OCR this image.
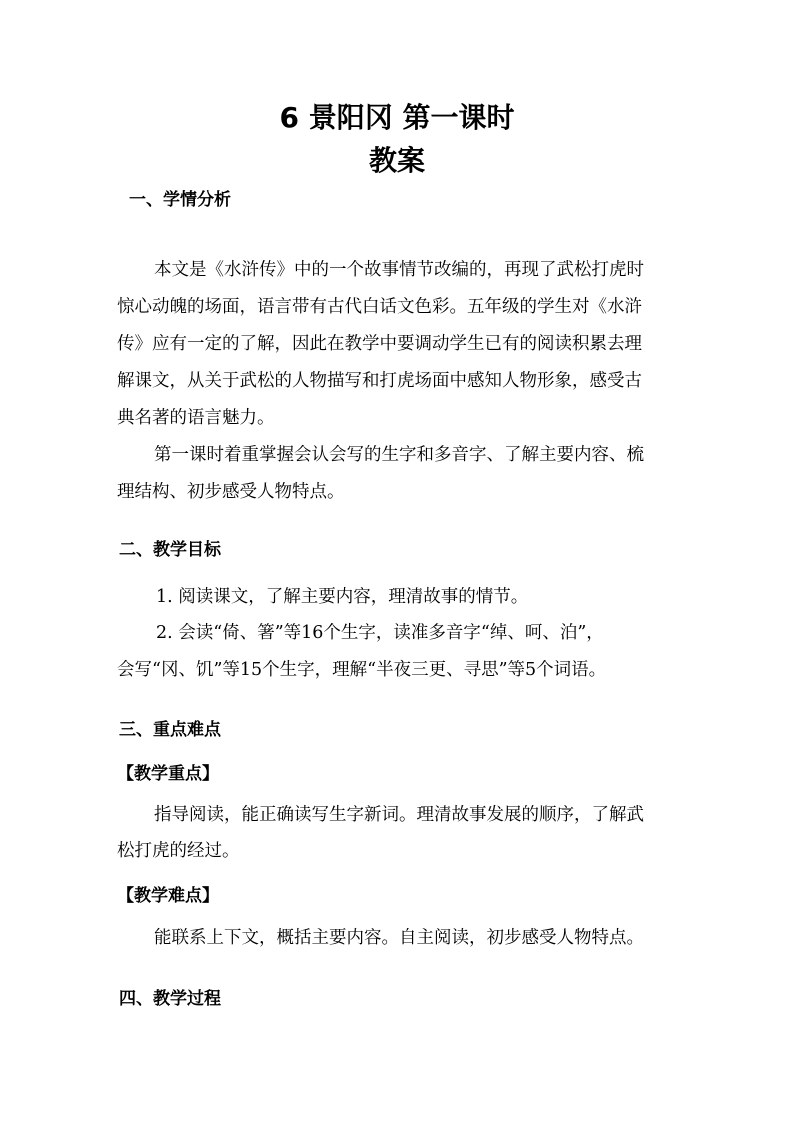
6 景阳冈 第一课时
教案
一、学情分析
本文是《水浒传》中的一个故事情节改编的，再现了武松打虎时
惊心动魄的场面，语言带有古代白话文色彩。五年级的学生对《水浒
传》应有一定的了解，因此在教学中要调动学生已有的阅读积累去理
解课文，从关于武松的人物描写和打虎场面中感知人物形象，感受古
典名著的语言魅力。
第一课时着重掌握会认会写的生字和多音字、了解主要内容、梳
理结构、初步感受人物特点。
二、教学目标
1. 阅读课文，了解主要内容，理清故事的情节。
2. 会读“倚、箸”等16个生字，读准多音字“绰、呵、泊”，
会写“冈、饥”等15个生字，理解“半夜三更、寻思”等5个词语。
三、重点难点
【教学重点】
指导阅读，能正确读写生字新词。理清故事发展的顺序，了解武
松打虎的经过。
【教学难点】
能联系上下文，概括主要内容。自主阅读，初步感受人物特点。
四、教学过程
